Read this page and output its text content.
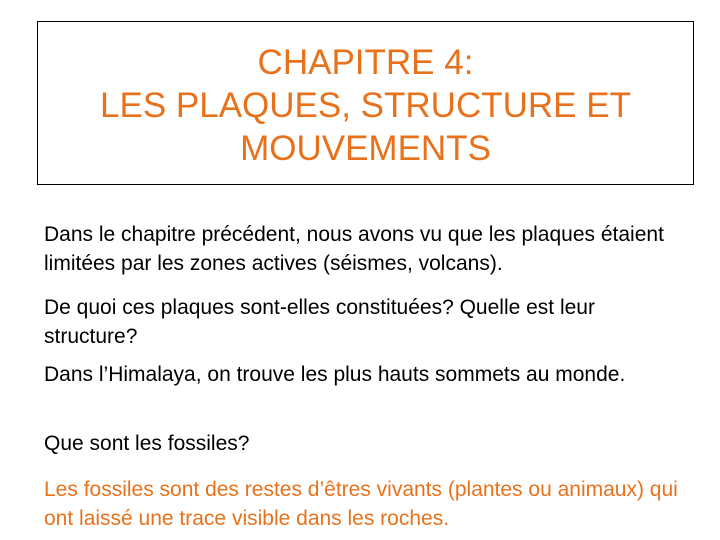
CHAPITRE 4:
LES PLAQUES, STRUCTURE ET
MOUVEMENTS
Dans le chapitre précédent, nous avons vu que les plaques étaient limitées par les zones actives (séismes, volcans).
De quoi ces plaques sont-elles constituées? Quelle est leur structure?
Dans l’Himalaya, on trouve les plus hauts sommets au monde.
Que sont les fossiles?
Les fossiles sont des restes d’êtres vivants (plantes ou animaux) qui ont laissé une trace visible dans les roches.
